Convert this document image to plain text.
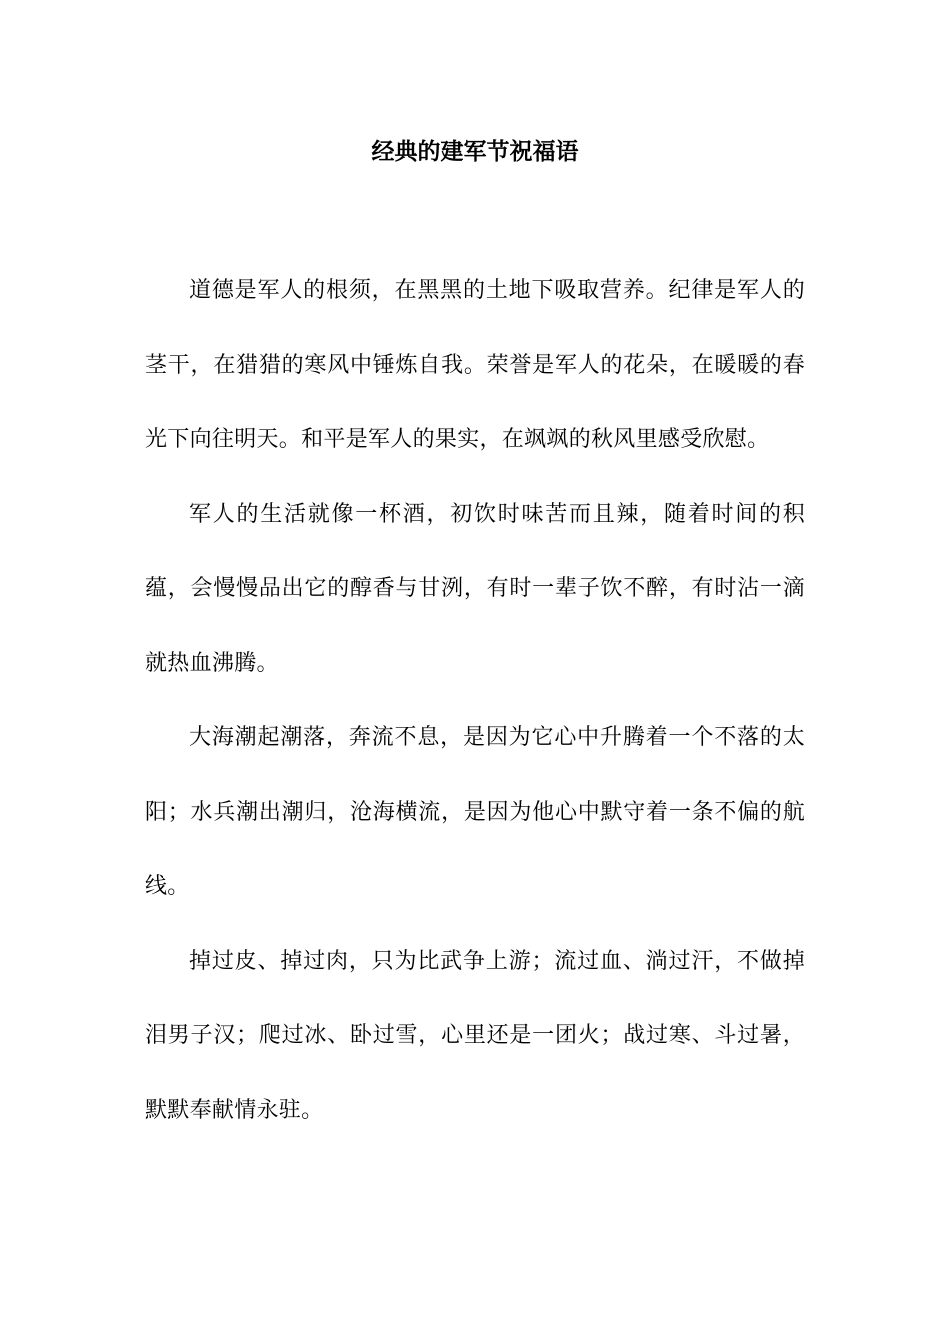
经典的建军节祝福语

道德是军人的根须，在黑黑的土地下吸取营养。纪律是军人的茎干，在猎猎的寒风中锤炼自我。荣誉是军人的花朵，在暖暖的春光下向往明天。和平是军人的果实，在飒飒的秋风里感受欣慰。

军人的生活就像一杯酒，初饮时味苦而且辣，随着时间的积蕴，会慢慢品出它的醇香与甘洌，有时一辈子饮不醉，有时沾一滴就热血沸腾。

大海潮起潮落，奔流不息，是因为它心中升腾着一个不落的太阳；水兵潮出潮归，沧海横流，是因为他心中默守着一条不偏的航线。

掉过皮、掉过肉，只为比武争上游；流过血、淌过汗，不做掉泪男子汉；爬过冰、卧过雪，心里还是一团火；战过寒、斗过暑，默默奉献情永驻。
